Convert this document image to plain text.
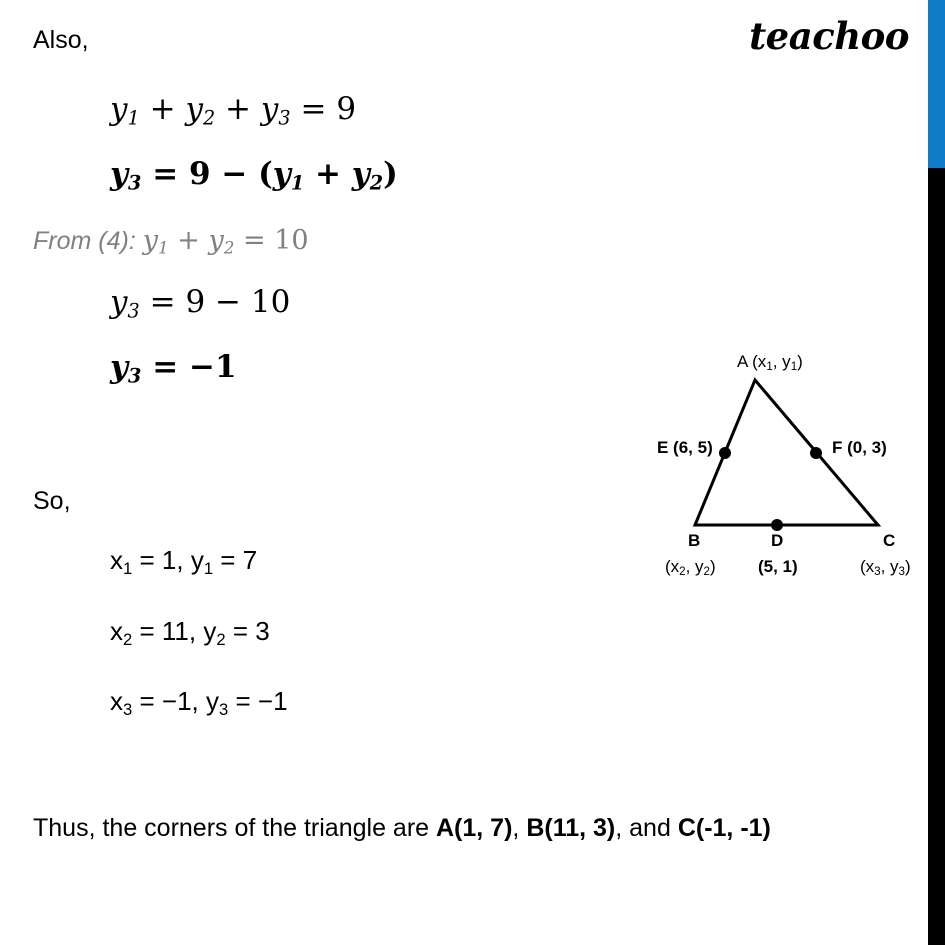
teachoo
Also,
$y_1 + y_2 + y_3 = 9$
$y_3 = 9 - (y_1 + y_2)$
From (4): $y_1 + y_2 = 10$
$y_3 = 9 - 10$
$y_3 = -1$
So,
$x_1 = 1$, $y_1 = 7$
$x_2 = 11$, $y_2 = 3$
$x_3 = -1$, $y_3 = -1$
Thus, the corners of the triangle are A(1, 7), B(11, 3), and C(-1, -1)
A ($x_1$, $y_1$)
E (6, 5)	F (0, 3)
B
($x_2$, $y_2$)
D
(5, 1)
C
($x_3$, $y_3$)
